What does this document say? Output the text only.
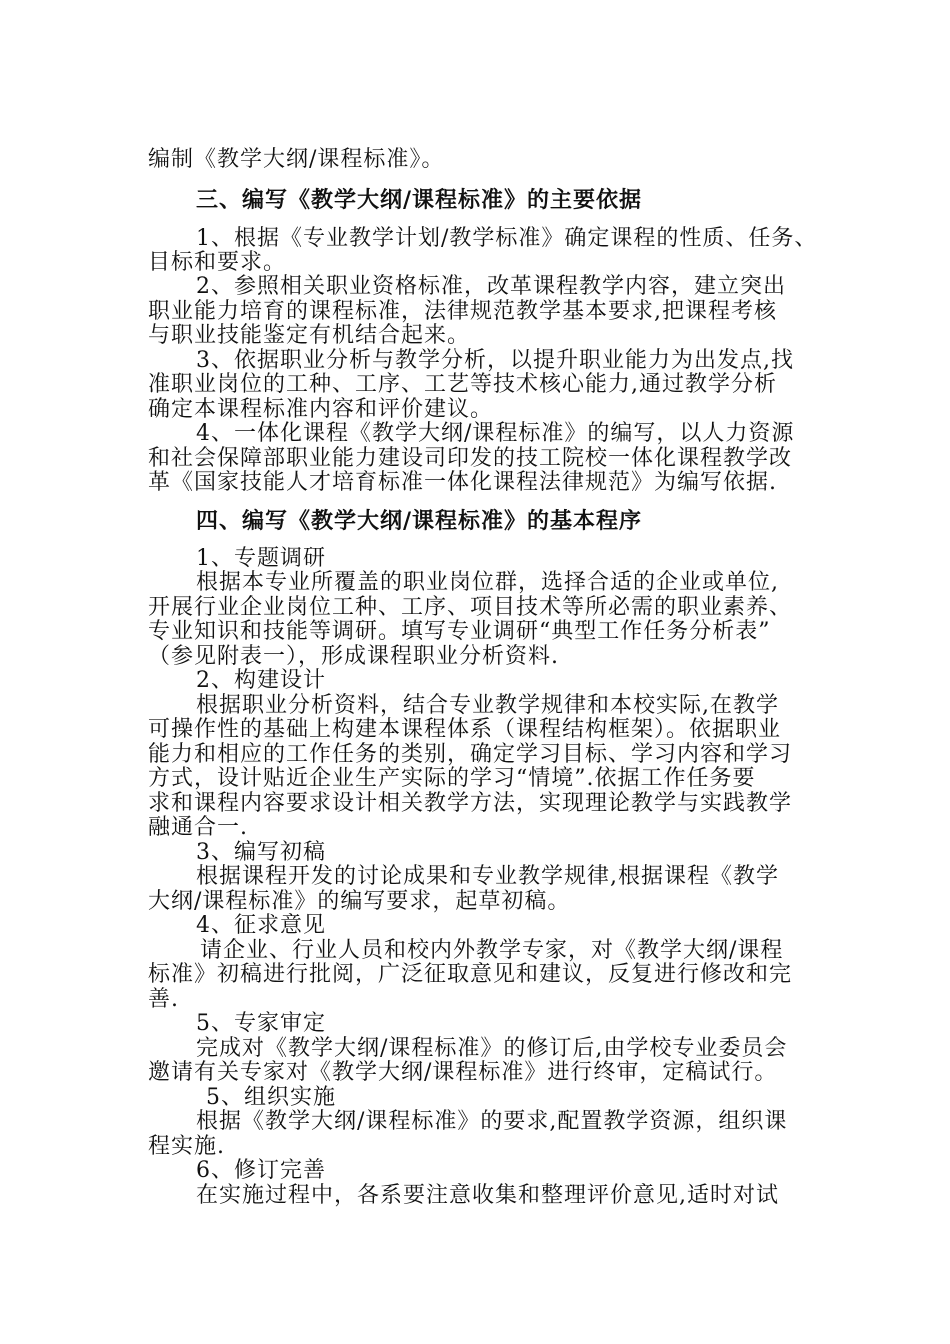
编制《教学大纲/课程标准》。
三、编写《教学大纲/课程标准》的主要依据
1、根据《专业教学计划/教学标准》确定课程的性质、任务、
目标和要求。
2、参照相关职业资格标准，改革课程教学内容，建立突出
职业能力培育的课程标准，法律规范教学基本要求,把课程考核
与职业技能鉴定有机结合起来。
3、依据职业分析与教学分析，以提升职业能力为出发点,找
准职业岗位的工种、工序、工艺等技术核心能力,通过教学分析
确定本课程标准内容和评价建议。
4、一体化课程《教学大纲/课程标准》的编写，以人力资源
和社会保障部职业能力建设司印发的技工院校一体化课程教学改
革《国家技能人才培育标准一体化课程法律规范》为编写依据.
四、编写《教学大纲/课程标准》的基本程序
1、专题调研
根据本专业所覆盖的职业岗位群，选择合适的企业或单位,
开展行业企业岗位工种、工序、项目技术等所必需的职业素养、
专业知识和技能等调研。填写专业调研“典型工作任务分析表”
（参见附表一），形成课程职业分析资料.
2、构建设计
根据职业分析资料，结合专业教学规律和本校实际,在教学
可操作性的基础上构建本课程体系（课程结构框架）。依据职业
能力和相应的工作任务的类别，确定学习目标、学习内容和学习
方式，设计贴近企业生产实际的学习“情境”.依据工作任务要
求和课程内容要求设计相关教学方法，实现理论教学与实践教学
融通合一.
3、编写初稿
根据课程开发的讨论成果和专业教学规律,根据课程《教学
大纲/课程标准》的编写要求，起草初稿。
4、征求意见
请企业、行业人员和校内外教学专家，对《教学大纲/课程
标准》初稿进行批阅，广泛征取意见和建议，反复进行修改和完
善.
5、专家审定
完成对《教学大纲/课程标准》的修订后,由学校专业委员会
邀请有关专家对《教学大纲/课程标准》进行终审，定稿试行。
5、组织实施
根据《教学大纲/课程标准》的要求,配置教学资源，组织课
程实施.
6、修订完善
在实施过程中，各系要注意收集和整理评价意见,适时对试
